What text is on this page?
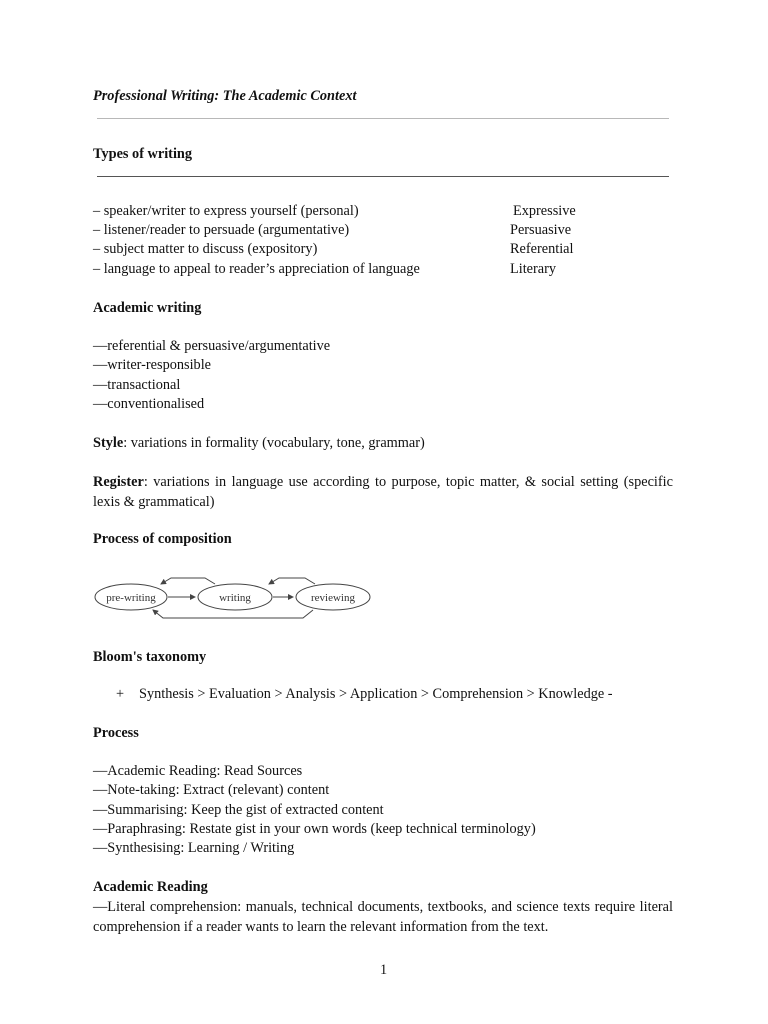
Professional Writing: The Academic Context
Types of writing
– speaker/writer to express yourself (personal)	Expressive
– listener/reader to persuade (argumentative)	Persuasive
– subject matter to discuss (expository)	Referential
– language to appeal to reader’s appreciation of language	Literary
Academic writing
—referential & persuasive/argumentative
—writer-responsible
—transactional
—conventionalised
Style: variations in formality (vocabulary, tone, grammar)
Register: variations in language use according to purpose, topic matter, & social setting (specific lexis & grammatical)
Process of composition
pre-writing	writing	reviewing
Bloom's taxonomy
+ Synthesis > Evaluation > Analysis > Application > Comprehension > Knowledge -
Process
—Academic Reading: Read Sources
—Note-taking: Extract (relevant) content
—Summarising: Keep the gist of extracted content
—Paraphrasing: Restate gist in your own words (keep technical terminology)
—Synthesising: Learning / Writing
Academic Reading
—Literal comprehension: manuals, technical documents, textbooks, and science texts require literal comprehension if a reader wants to learn the relevant information from the text.
1
